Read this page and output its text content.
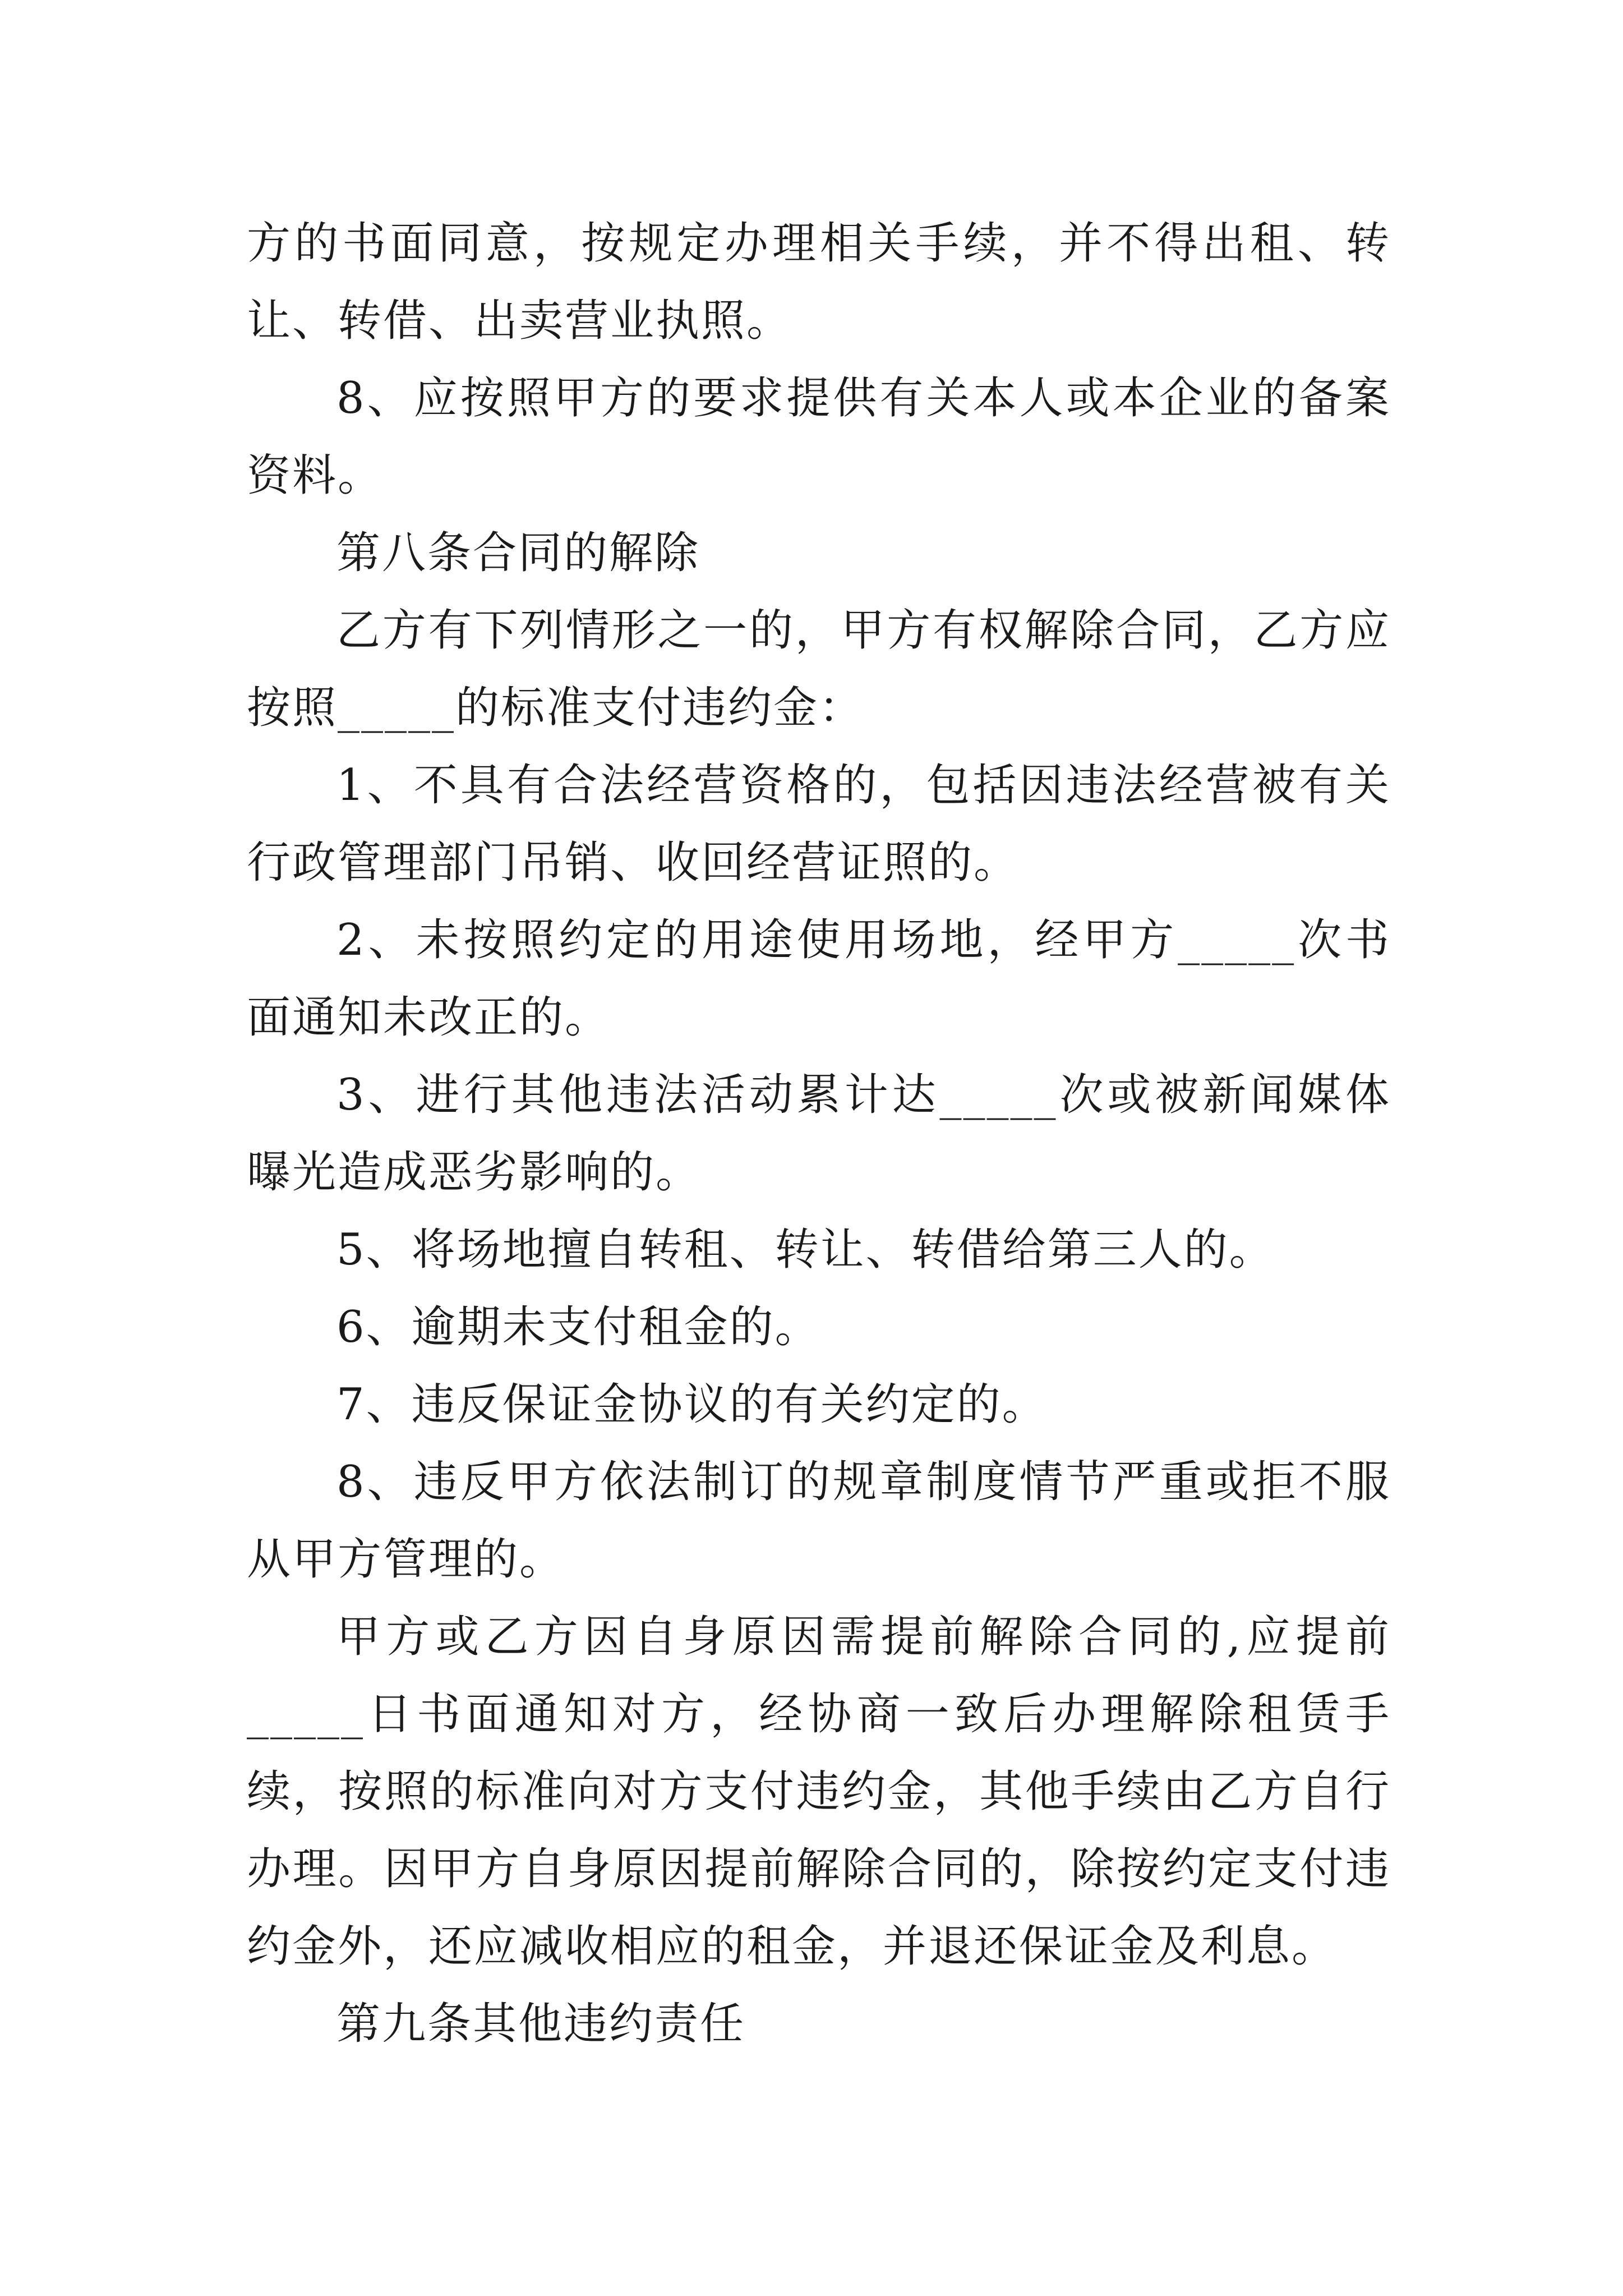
方的书面同意，按规定办理相关手续，并不得出租、转让、转借、出卖营业执照。

8、应按照甲方的要求提供有关本人或本企业的备案资料。

第八条合同的解除

乙方有下列情形之一的，甲方有权解除合同，乙方应按照_____的标准支付违约金：

1、不具有合法经营资格的，包括因违法经营被有关行政管理部门吊销、收回经营证照的。

2、未按照约定的用途使用场地，经甲方_____次书面通知未改正的。

3、进行其他违法活动累计达_____次或被新闻媒体曝光造成恶劣影响的。

5、将场地擅自转租、转让、转借给第三人的。

6、逾期未支付租金的。

7、违反保证金协议的有关约定的。

8、违反甲方依法制订的规章制度情节严重或拒不服从甲方管理的。

甲方或乙方因自身原因需提前解除合同的,应提前_____日书面通知对方，经协商一致后办理解除租赁手续，按照的标准向对方支付违约金，其他手续由乙方自行办理。因甲方自身原因提前解除合同的，除按约定支付违约金外，还应减收相应的租金，并退还保证金及利息。

第九条其他违约责任
